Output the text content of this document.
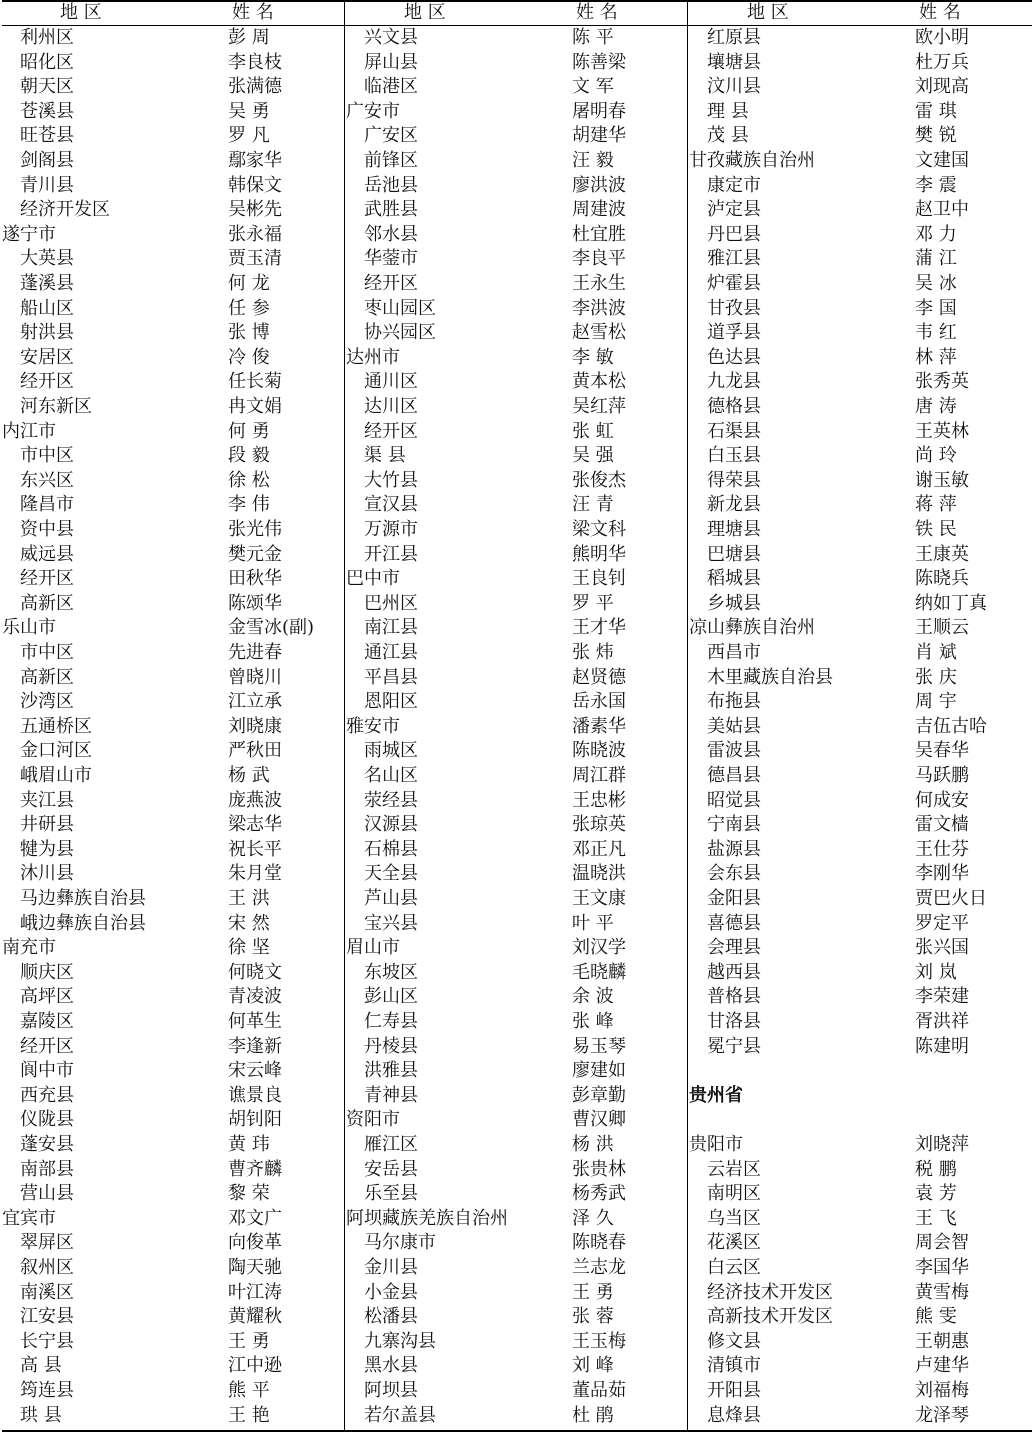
地 区	姓 名
利州区	彭 周
昭化区	李良枝
朝天区	张满德
苍溪县	吴 勇
旺苍县	罗 凡
剑阁县	鄢家华
青川县	韩保文
经济开发区	吴彬先
遂宁市	张永福
大英县	贾玉清
蓬溪县	何 龙
船山区	任 参
射洪县	张 博
安居区	冷 俊
经开区	任长菊
河东新区	冉文娟
内江市	何 勇
市中区	段 毅
东兴区	徐 松
隆昌市	李 伟
资中县	张光伟
威远县	樊元金
经开区	田秋华
高新区	陈颂华
乐山市	金雪冰(副)
市中区	先进春
高新区	曾晓川
沙湾区	江立承
五通桥区	刘晓康
金口河区	严秋田
峨眉山市	杨 武
夹江县	庞燕波
井研县	梁志华
犍为县	祝长平
沐川县	朱月堂
马边彝族自治县	王 洪
峨边彝族自治县	宋 然
南充市	徐 坚
顺庆区	何晓文
高坪区	青凌波
嘉陵区	何革生
经开区	李逢新
阆中市	宋云峰
西充县	谯景良
仪陇县	胡钊阳
蓬安县	黄 玮
南部县	曹齐麟
营山县	黎 荣
宜宾市	邓文广
翠屏区	向俊革
叙州区	陶天驰
南溪区	叶江涛
江安县	黄耀秋
长宁县	王 勇
高 县	江中逊
筠连县	熊 平
珙 县	王 艳
地 区	姓 名
兴文县	陈 平
屏山县	陈善梁
临港区	文 军
广安市	屠明春
广安区	胡建华
前锋区	汪 毅
岳池县	廖洪波
武胜县	周建波
邻水县	杜宜胜
华蓥市	李良平
经开区	王永生
枣山园区	李洪波
协兴园区	赵雪松
达州市	李 敏
通川区	黄本松
达川区	吴红萍
经开区	张 虹
渠 县	吴 强
大竹县	张俊杰
宣汉县	汪 青
万源市	梁文科
开江县	熊明华
巴中市	王良钊
巴州区	罗 平
南江县	王才华
通江县	张 炜
平昌县	赵贤德
恩阳区	岳永国
雅安市	潘素华
雨城区	陈晓波
名山区	周江群
荥经县	王忠彬
汉源县	张琼英
石棉县	邓正凡
天全县	温晓洪
芦山县	王文康
宝兴县	叶 平
眉山市	刘汉学
东坡区	毛晓麟
彭山区	余 波
仁寿县	张 峰
丹棱县	易玉琴
洪雅县	廖建如
青神县	彭章勤
资阳市	曹汉卿
雁江区	杨 洪
安岳县	张贵林
乐至县	杨秀武
阿坝藏族羌族自治州	泽 久
马尔康市	陈晓春
金川县	兰志龙
小金县	王 勇
松潘县	张 蓉
九寨沟县	王玉梅
黑水县	刘 峰
阿坝县	董品茹
若尔盖县	杜 鹃
地 区	姓 名
红原县	欧小明
壤塘县	杜万兵
汶川县	刘现高
理 县	雷 琪
茂 县	樊 锐
甘孜藏族自治州	文建国
康定市	李 震
泸定县	赵卫中
丹巴县	邓 力
雅江县	蒲 江
炉霍县	吴 冰
甘孜县	李 国
道孚县	韦 红
色达县	林 萍
九龙县	张秀英
德格县	唐 涛
石渠县	王英林
白玉县	尚 玲
得荣县	谢玉敏
新龙县	蒋 萍
理塘县	铁 民
巴塘县	王康英
稻城县	陈晓兵
乡城县	纳如丁真
凉山彝族自治州	王顺云
西昌市	肖 斌
木里藏族自治县	张 庆
布拖县	周 宇
美姑县	吉伍古哈
雷波县	吴春华
德昌县	马跃鹏
昭觉县	何成安
宁南县	雷文樯
盐源县	王仕芬
会东县	李刚华
金阳县	贾巴火日
喜德县	罗定平
会理县	张兴国
越西县	刘 岚
普格县	李荣建
甘洛县	胥洪祥
冕宁县	陈建明
贵州省
贵阳市	刘晓萍
云岩区	税 鹏
南明区	袁 芳
乌当区	王 飞
花溪区	周会智
白云区	李国华
经济技术开发区	黄雪梅
高新技术开发区	熊 雯
修文县	王朝惠
清镇市	卢建华
开阳县	刘福梅
息烽县	龙泽琴
